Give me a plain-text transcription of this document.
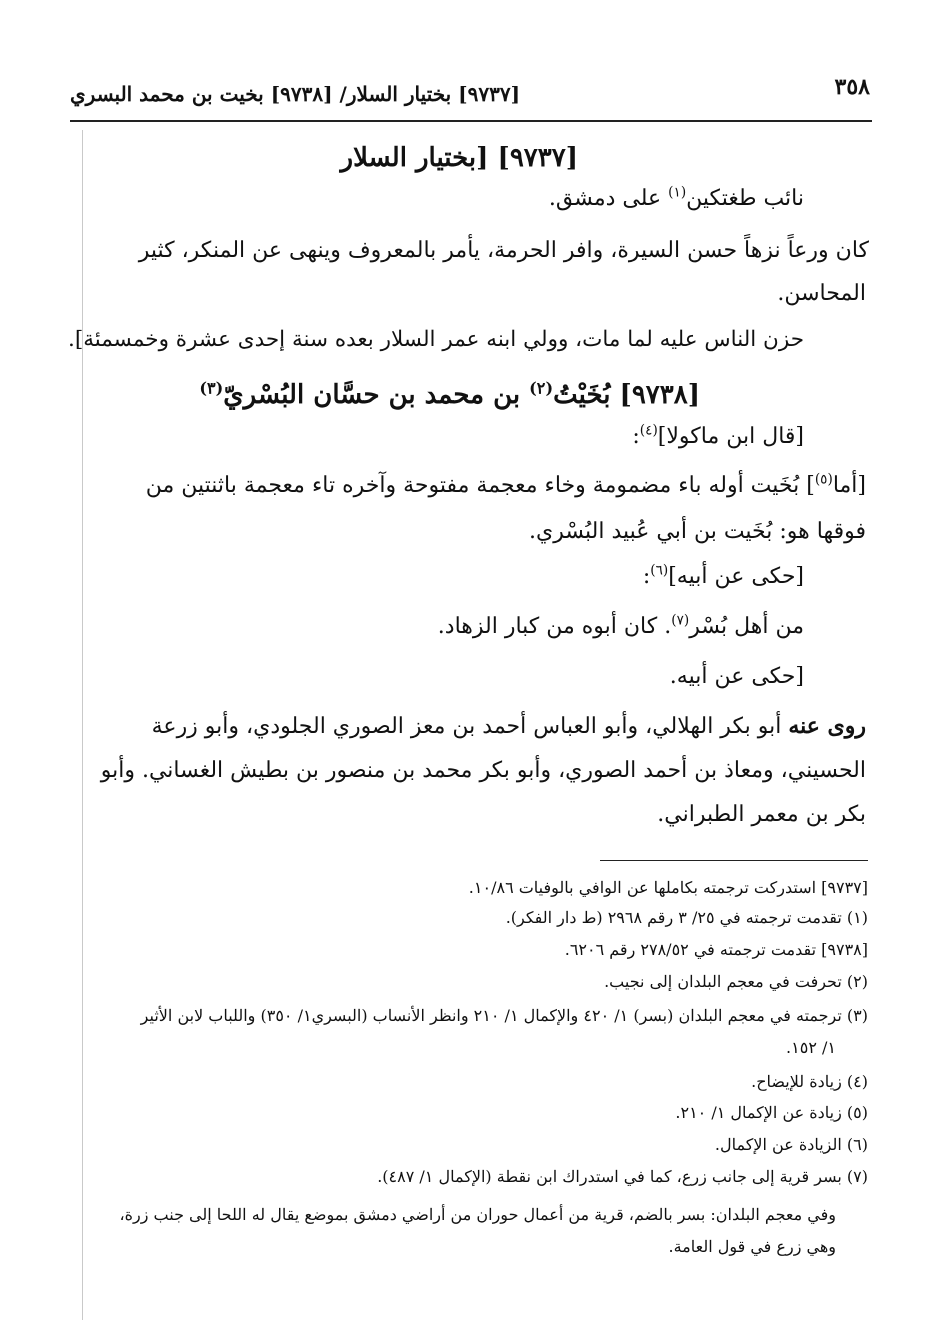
٣٥٨
[٩٧٣٧] بختيار السلار/ [٩٧٣٨] بخيت بن محمد البسري
[٩٧٣٧] [بختيار السلار
نائب طغتكين$^{(١)}$ على دمشق.
كان ورعاً نزهاً حسن السيرة، وافر الحرمة، يأمر بالمعروف وينهى عن المنكر، كثير
المحاسن.
حزن الناس عليه لما مات، وولي ابنه عمر السلار بعده سنة إحدى عشرة وخمسمئة].
[٩٧٣٨] بُخَيْتُ$^{(٢)}$ بن محمد بن حسَّان البُسْريّ$^{(٣)}$
[قال ابن ماكولا]$^{(٤)}$:
[أما$^{(٥)}$] بُخَيت أوله باء مضمومة وخاء معجمة مفتوحة وآخره تاء معجمة باثنتين من
فوقها هو: بُخَيت بن أبي عُبيد البُسْري.
[حكى عن أبيه]$^{(٦)}$:
من أهل بُسْر$^{(٧)}$. كان أبوه من كبار الزهاد.
[حكى عن أبيه.
روى عنه أبو بكر الهلالي، وأبو العباس أحمد بن معز الصوري الجلودي، وأبو زرعة
الحسيني، ومعاذ بن أحمد الصوري، وأبو بكر محمد بن منصور بن بطيش الغساني. وأبو
بكر بن معمر الطبراني.
[٩٧٣٧] استدركت ترجمته بكاملها عن الوافي بالوفيات ١٠/٨٦.
(١) تقدمت ترجمته في ٢٥/ ٣ رقم ٢٩٦٨ (ط دار الفكر).
[٩٧٣٨] تقدمت ترجمته في ٢٧٨/٥٢ رقم ٦٢٠٦.
(٢) تحرفت في معجم البلدان إلى نجيب.
(٣) ترجمته في معجم البلدان (بسر) ١/ ٤٢٠ والإكمال ١/ ٢١٠ وانظر الأنساب (البسري١/ ٣٥٠) واللباب لابن الأثير
١/ ١٥٢.
(٤) زيادة للإيضاح.
(٥) زيادة عن الإكمال ١/ ٢١٠.
(٦) الزيادة عن الإكمال.
(٧) بسر قرية إلى جانب زرع، كما في استدراك ابن نقطة (الإكمال ١/ ٤٨٧).
وفي معجم البلدان: بسر بالضم، قرية من أعمال حوران من أراضي دمشق بموضع يقال له اللحا إلى جنب زرة،
وهي زرع في قول العامة.
